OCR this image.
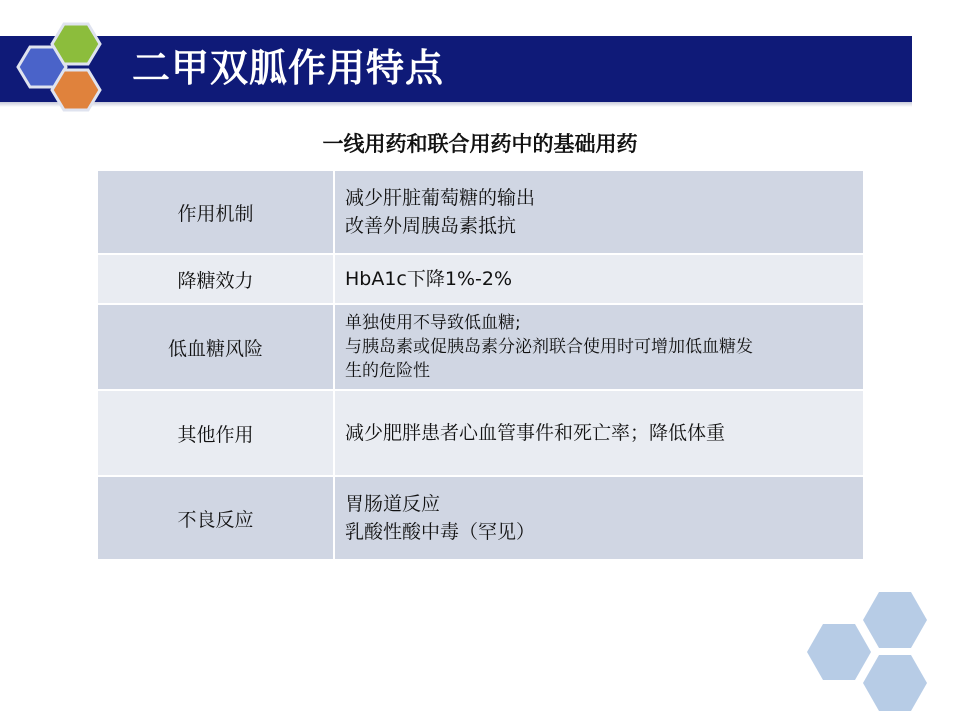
二甲双胍作用特点
一线用药和联合用药中的基础用药
作用机制	减少肝脏葡萄糖的输出
改善外周胰岛素抵抗

降糖效力	HbA1c下降1%-2%

低血糖风险	单独使用不导致低血糖;
与胰岛素或促胰岛素分泌剂联合使用时可增加低血糖发
生的危险性

其他作用	减少肥胖患者心血管事件和死亡率；降低体重

不良反应	胃肠道反应
乳酸性酸中毒（罕见）
